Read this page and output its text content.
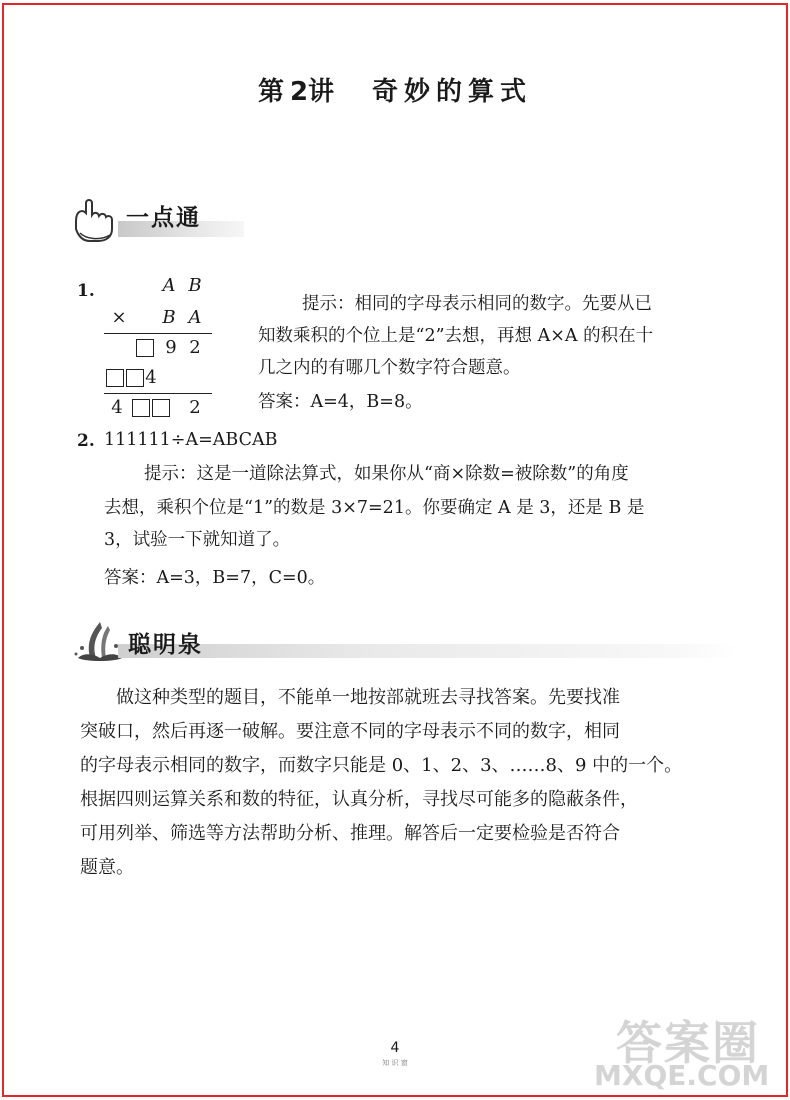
第2讲　奇妙的算式
一点通
1.	A B
× B A
9 2
4
4	2
提示：相同的字母表示相同的数字。先要从已
知数乘积的个位上是“2”去想，再想 A×A 的积在十
几之内的有哪几个数字符合题意。
答案：A=4，B=8。
2. 111111÷A=ABCAB
提示：这是一道除法算式，如果你从“商×除数=被除数”的角度
去想，乘积个位是“1”的数是 3×7=21。你要确定 A 是 3，还是 B 是
3，试验一下就知道了。
答案：A=3，B=7，C=0。
聪明泉
做这种类型的题目，不能单一地按部就班去寻找答案。先要找准
突破口，然后再逐一破解。要注意不同的字母表示不同的数字，相同
的字母表示相同的数字，而数字只能是 0、1、2、3、……8、9 中的一个。
根据四则运算关系和数的特征，认真分析，寻找尽可能多的隐蔽条件，
可用列举、筛选等方法帮助分析、推理。解答后一定要检验是否符合
题意。
4
知 识 窗	答案圈
MXQE.COM
